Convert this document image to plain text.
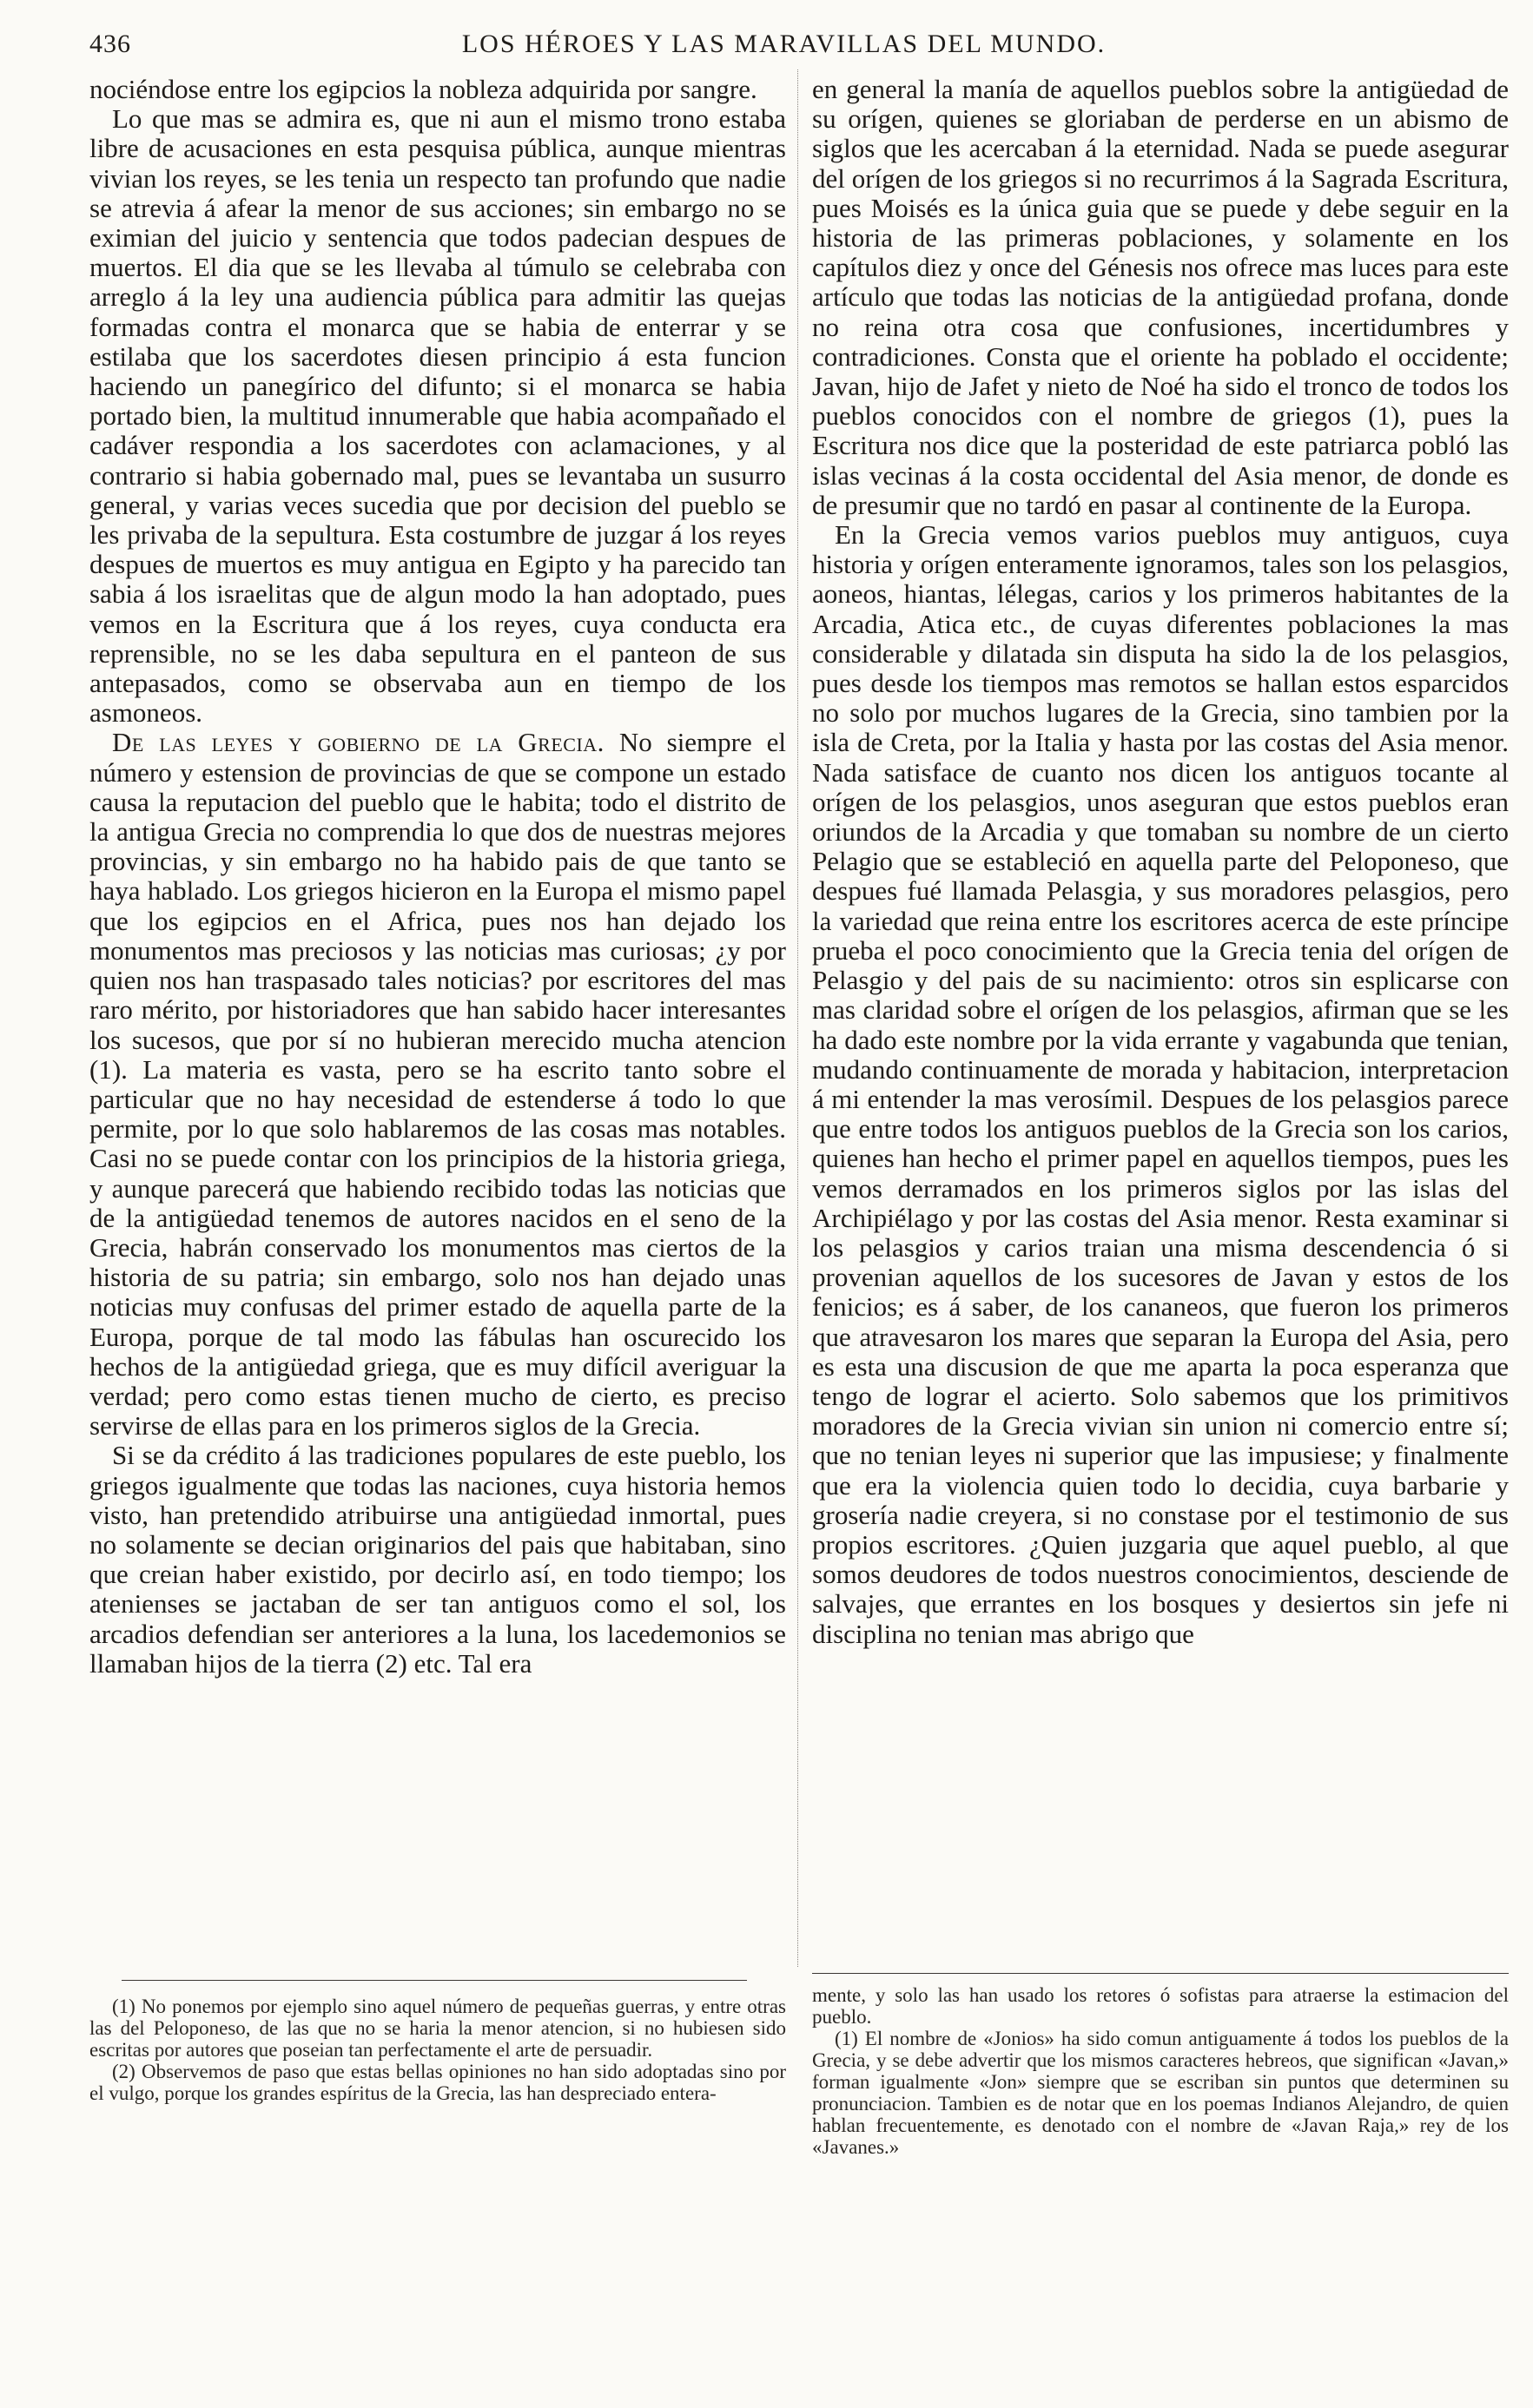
436	LOS HÉROES Y LAS MARAVILLAS DEL MUNDO.

nociéndose entre los egipcios la nobleza adquirida por sangre.

Lo que mas se admira es, que ni aun el mismo trono estaba libre de acusaciones en esta pesquisa pública, aunque mientras vivian los reyes, se les tenia un respecto tan profundo que nadie se atrevia á afear la menor de sus acciones; sin embargo no se eximian del juicio y sentencia que todos padecian despues de muertos. El dia que se les llevaba al túmulo se celebraba con arreglo á la ley una audiencia pública para admitir las quejas formadas contra el monarca que se habia de enterrar y se estilaba que los sacerdotes diesen principio á esta funcion haciendo un panegírico del difunto; si el monarca se habia portado bien, la multitud innumerable que habia acompañado el cadáver respondia a los sacerdotes con aclamaciones, y al contrario si habia gobernado mal, pues se levantaba un susurro general, y varias veces sucedia que por decision del pueblo se les privaba de la sepultura. Esta costumbre de juzgar á los reyes despues de muertos es muy antigua en Egipto y ha parecido tan sabia á los israelitas que de algun modo la han adoptado, pues vemos en la Escritura que á los reyes, cuya conducta era reprensible, no se les daba sepultura en el panteon de sus antepasados, como se observaba aun en tiempo de los asmoneos.

De las leyes y gobierno de la Grecia. No siempre el número y estension de provincias de que se compone un estado causa la reputacion del pueblo que le habita; todo el distrito de la antigua Grecia no comprendia lo que dos de nuestras mejores provincias, y sin embargo no ha habido pais de que tanto se haya hablado. Los griegos hicieron en la Europa el mismo papel que los egipcios en el Africa, pues nos han dejado los monumentos mas preciosos y las noticias mas curiosas; ¿y por quien nos han traspasado tales noticias? por escritores del mas raro mérito, por historiadores que han sabido hacer interesantes los sucesos, que por sí no hubieran merecido mucha atencion (1). La materia es vasta, pero se ha escrito tanto sobre el particular que no hay necesidad de estenderse á todo lo que permite, por lo que solo hablaremos de las cosas mas notables. Casi no se puede contar con los principios de la historia griega, y aunque parecerá que habiendo recibido todas las noticias que de la antigüedad tenemos de autores nacidos en el seno de la Grecia, habrán conservado los monumentos mas ciertos de la historia de su patria; sin embargo, solo nos han dejado unas noticias muy confusas del primer estado de aquella parte de la Europa, porque de tal modo las fábulas han oscurecido los hechos de la antigüedad griega, que es muy difícil averiguar la verdad; pero como estas tienen mucho de cierto, es preciso servirse de ellas para en los primeros siglos de la Grecia.

Si se da crédito á las tradiciones populares de este pueblo, los griegos igualmente que todas las naciones, cuya historia hemos visto, han pretendido atribuirse una antigüedad inmortal, pues no solamente se decian originarios del pais que habitaban, sino que creian haber existido, por decirlo así, en todo tiempo; los atenienses se jactaban de ser tan antiguos como el sol, los arcadios defendian ser anteriores a la luna, los lacedemonios se llamaban hijos de la tierra (2) etc. Tal era

en general la manía de aquellos pueblos sobre la antigüedad de su orígen, quienes se gloriaban de perderse en un abismo de siglos que les acercaban á la eternidad. Nada se puede asegurar del orígen de los griegos si no recurrimos á la Sagrada Escritura, pues Moisés es la única guia que se puede y debe seguir en la historia de las primeras poblaciones, y solamente en los capítulos diez y once del Génesis nos ofrece mas luces para este artículo que todas las noticias de la antigüedad profana, donde no reina otra cosa que confusiones, incertidumbres y contradiciones. Consta que el oriente ha poblado el occidente; Javan, hijo de Jafet y nieto de Noé ha sido el tronco de todos los pueblos conocidos con el nombre de griegos (1), pues la Escritura nos dice que la posteridad de este patriarca pobló las islas vecinas á la costa occidental del Asia menor, de donde es de presumir que no tardó en pasar al continente de la Europa.

En la Grecia vemos varios pueblos muy antiguos, cuya historia y orígen enteramente ignoramos, tales son los pelasgios, aoneos, hiantas, lélegas, carios y los primeros habitantes de la Arcadia, Atica etc., de cuyas diferentes poblaciones la mas considerable y dilatada sin disputa ha sido la de los pelasgios, pues desde los tiempos mas remotos se hallan estos esparcidos no solo por muchos lugares de la Grecia, sino tambien por la isla de Creta, por la Italia y hasta por las costas del Asia menor. Nada satisface de cuanto nos dicen los antiguos tocante al orígen de los pelasgios, unos aseguran que estos pueblos eran oriundos de la Arcadia y que tomaban su nombre de un cierto Pelagio que se estableció en aquella parte del Peloponeso, que despues fué llamada Pelasgia, y sus moradores pelasgios, pero la variedad que reina entre los escritores acerca de este príncipe prueba el poco conocimiento que la Grecia tenia del orígen de Pelasgio y del pais de su nacimiento: otros sin esplicarse con mas claridad sobre el orígen de los pelasgios, afirman que se les ha dado este nombre por la vida errante y vagabunda que tenian, mudando continuamente de morada y habitacion, interpretacion á mi entender la mas verosímil. Despues de los pelasgios parece que entre todos los antiguos pueblos de la Grecia son los carios, quienes han hecho el primer papel en aquellos tiempos, pues les vemos derramados en los primeros siglos por las islas del Archipiélago y por las costas del Asia menor. Resta examinar si los pelasgios y carios traian una misma descendencia ó si provenian aquellos de los sucesores de Javan y estos de los fenicios; es á saber, de los cananeos, que fueron los primeros que atravesaron los mares que separan la Europa del Asia, pero es esta una discusion de que me aparta la poca esperanza que tengo de lograr el acierto. Solo sabemos que los primitivos moradores de la Grecia vivian sin union ni comercio entre sí; que no tenian leyes ni superior que las impusiese; y finalmente que era la violencia quien todo lo decidia, cuya barbarie y grosería nadie creyera, si no constase por el testimonio de sus propios escritores. ¿Quien juzgaria que aquel pueblo, al que somos deudores de todos nuestros conocimientos, desciende de salvajes, que errantes en los bosques y desiertos sin jefe ni disciplina no tenian mas abrigo que

(1) No ponemos por ejemplo sino aquel número de pequeñas guerras, y entre otras las del Peloponeso, de las que no se haria la menor atencion, si no hubiesen sido escritas por autores que poseian tan perfectamente el arte de persuadir.

(2) Observemos de paso que estas bellas opiniones no han sido adoptadas sino por el vulgo, porque los grandes espíritus de la Grecia, las han despreciado entera-

mente, y solo las han usado los retores ó sofistas para atraerse la estimacion del pueblo.

(1) El nombre de «Jonios» ha sido comun antiguamente á todos los pueblos de la Grecia, y se debe advertir que los mismos caracteres hebreos, que significan «Javan,» forman igualmente «Jon» siempre que se escriban sin puntos que determinen su pronunciacion. Tambien es de notar que en los poemas Indianos Alejandro, de quien hablan frecuentemente, es denotado con el nombre de «Javan Raja,» rey de los «Javanes.»
